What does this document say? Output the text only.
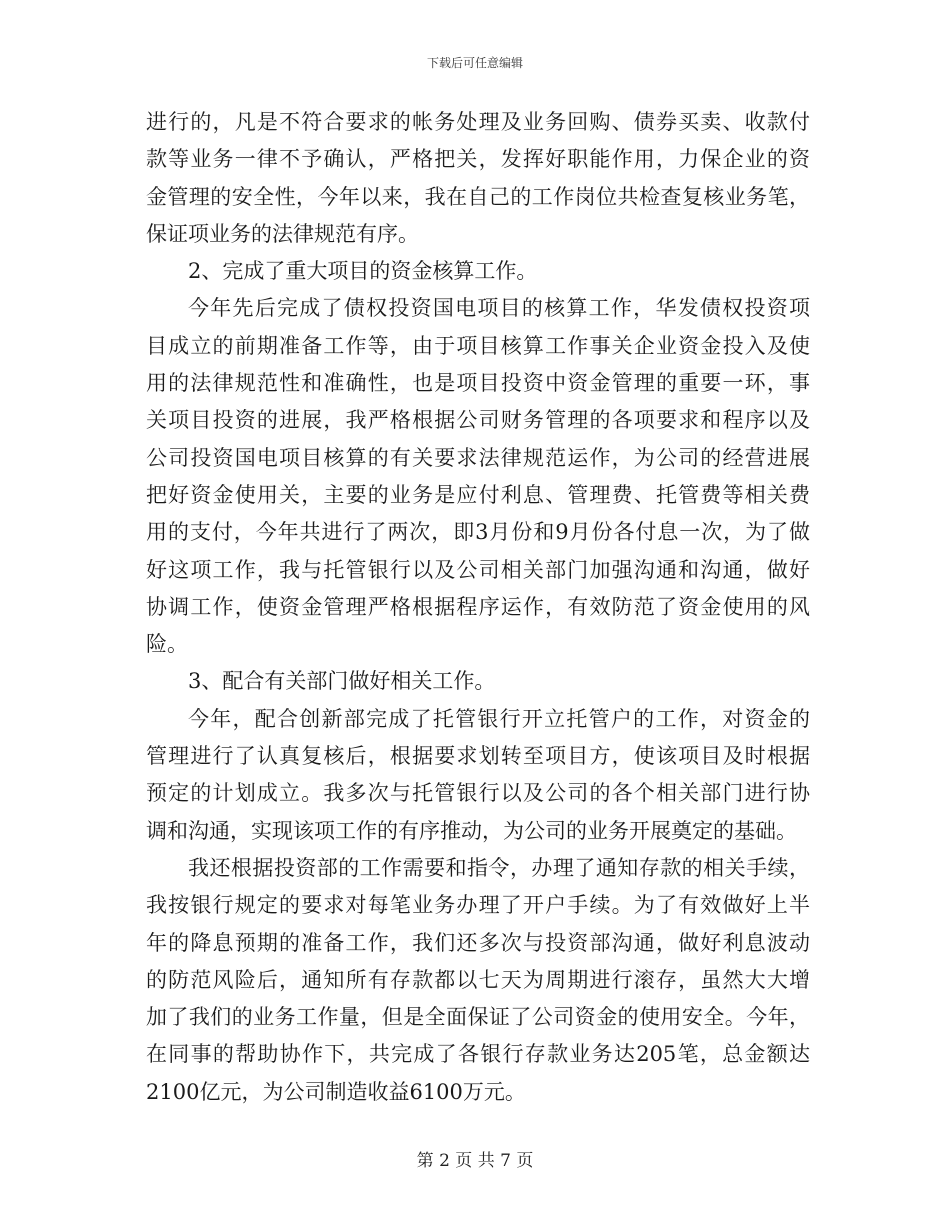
下载后可任意编辑
进行的，凡是不符合要求的帐务处理及业务回购、债券买卖、收款付
款等业务一律不予确认，严格把关，发挥好职能作用，力保企业的资
金管理的安全性，今年以来，我在自己的工作岗位共检查复核业务笔，
保证项业务的法律规范有序。
2、完成了重大项目的资金核算工作。
今年先后完成了债权投资国电项目的核算工作，华发债权投资项
目成立的前期准备工作等，由于项目核算工作事关企业资金投入及使
用的法律规范性和准确性，也是项目投资中资金管理的重要一环，事
关项目投资的进展，我严格根据公司财务管理的各项要求和程序以及
公司投资国电项目核算的有关要求法律规范运作，为公司的经营进展
把好资金使用关，主要的业务是应付利息、管理费、托管费等相关费
用的支付，今年共进行了两次，即3月份和9月份各付息一次，为了做
好这项工作，我与托管银行以及公司相关部门加强沟通和沟通，做好
协调工作，使资金管理严格根据程序运作，有效防范了资金使用的风
险。
3、配合有关部门做好相关工作。
今年，配合创新部完成了托管银行开立托管户的工作，对资金的
管理进行了认真复核后，根据要求划转至项目方，使该项目及时根据
预定的计划成立。我多次与托管银行以及公司的各个相关部门进行协
调和沟通，实现该项工作的有序推动，为公司的业务开展奠定的基础。
我还根据投资部的工作需要和指令，办理了通知存款的相关手续，
我按银行规定的要求对每笔业务办理了开户手续。为了有效做好上半
年的降息预期的准备工作，我们还多次与投资部沟通，做好利息波动
的防范风险后，通知所有存款都以七天为周期进行滚存，虽然大大增
加了我们的业务工作量，但是全面保证了公司资金的使用安全。今年，
在同事的帮助协作下，共完成了各银行存款业务达205笔，总金额达
2100亿元，为公司制造收益6100万元。
第 2 页 共 7 页
